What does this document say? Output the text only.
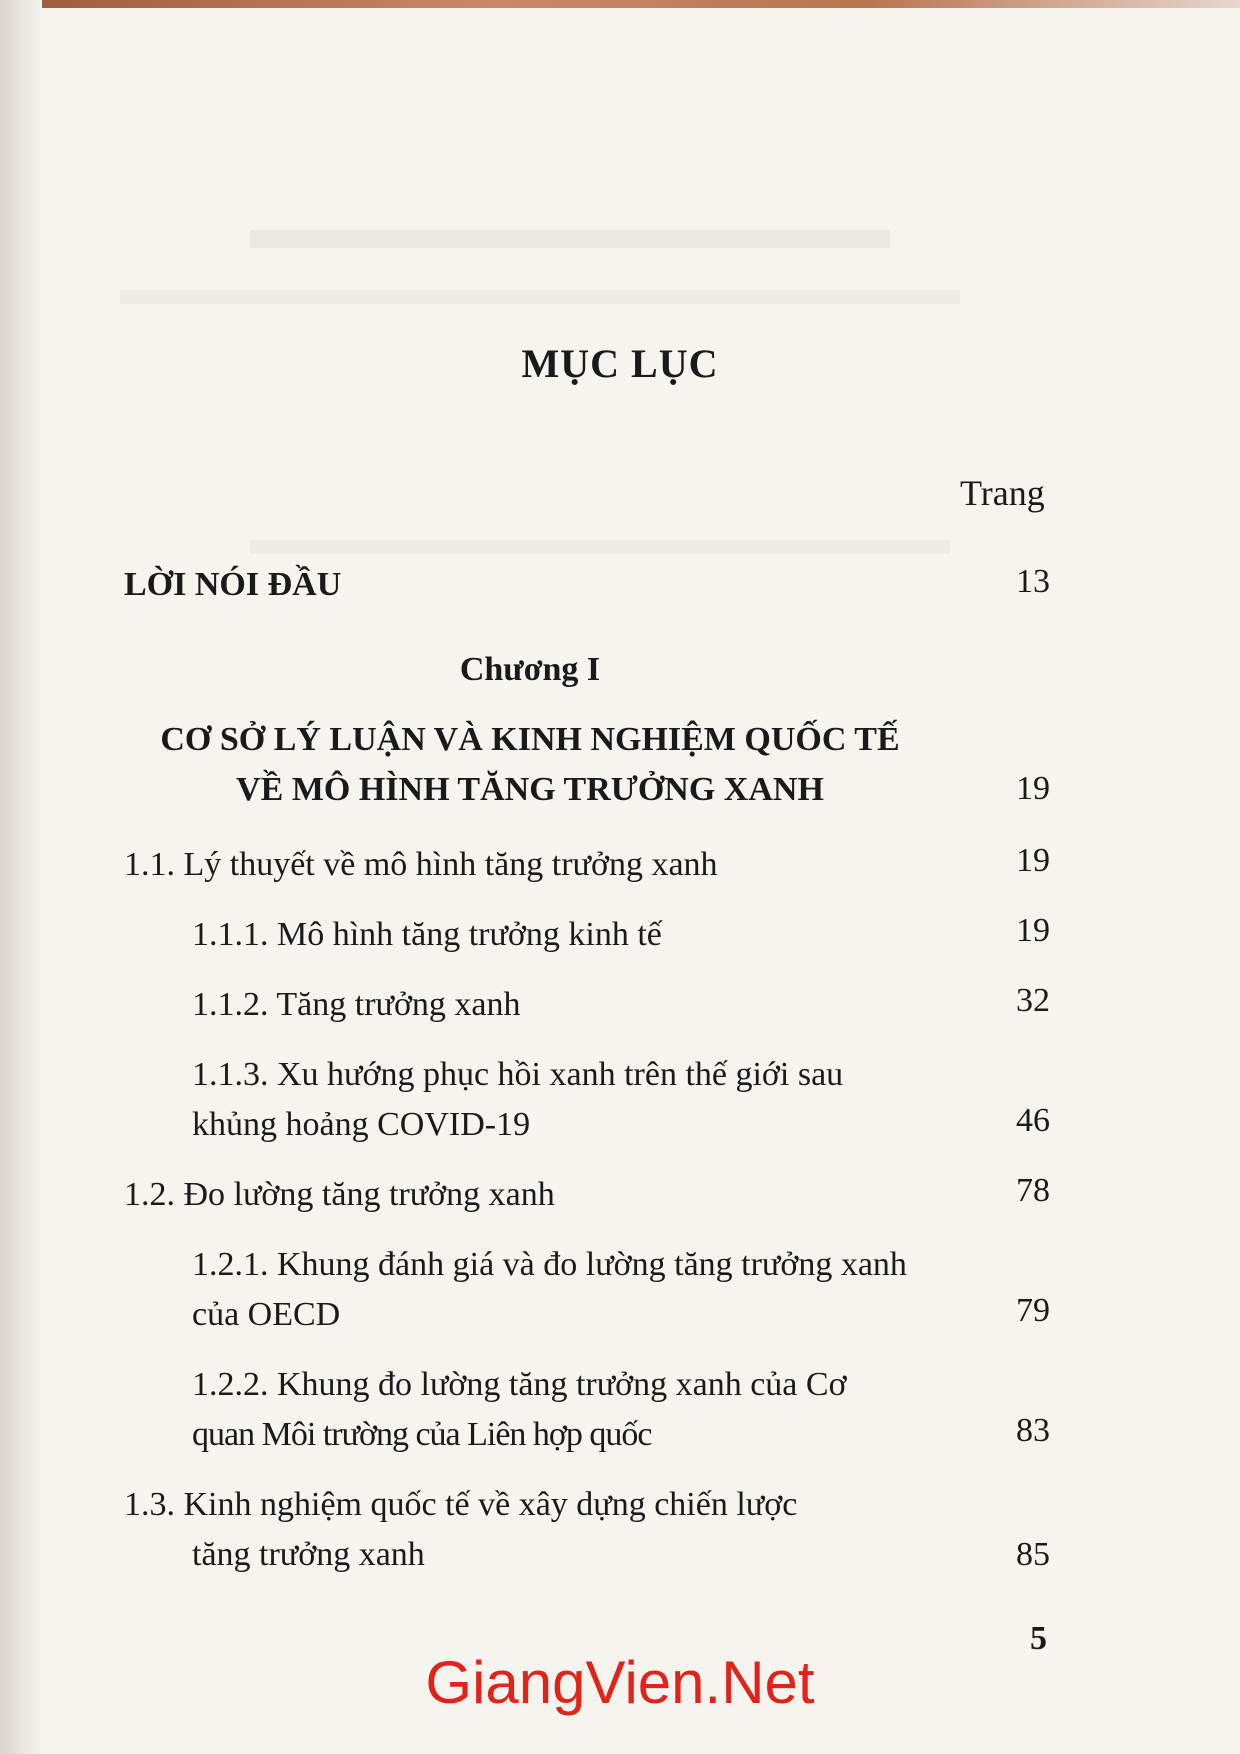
MỤC LỤC
Trang
LỜI NÓI ĐẦU	13
Chương I
CƠ SỞ LÝ LUẬN VÀ KINH NGHIỆM QUỐC TẾ
VỀ MÔ HÌNH TĂNG TRƯỞNG XANH	19
1.1. Lý thuyết về mô hình tăng trưởng xanh	19
1.1.1. Mô hình tăng trưởng kinh tế	19
1.1.2. Tăng trưởng xanh	32
1.1.3. Xu hướng phục hồi xanh trên thế giới sau
khủng hoảng COVID-19	46
1.2. Đo lường tăng trưởng xanh	78
1.2.1. Khung đánh giá và đo lường tăng trưởng xanh
của OECD	79
1.2.2. Khung đo lường tăng trưởng xanh của Cơ
quan Môi trường của Liên hợp quốc	83
1.3. Kinh nghiệm quốc tế về xây dựng chiến lược
tăng trưởng xanh	85
5
GiangVien.Net
